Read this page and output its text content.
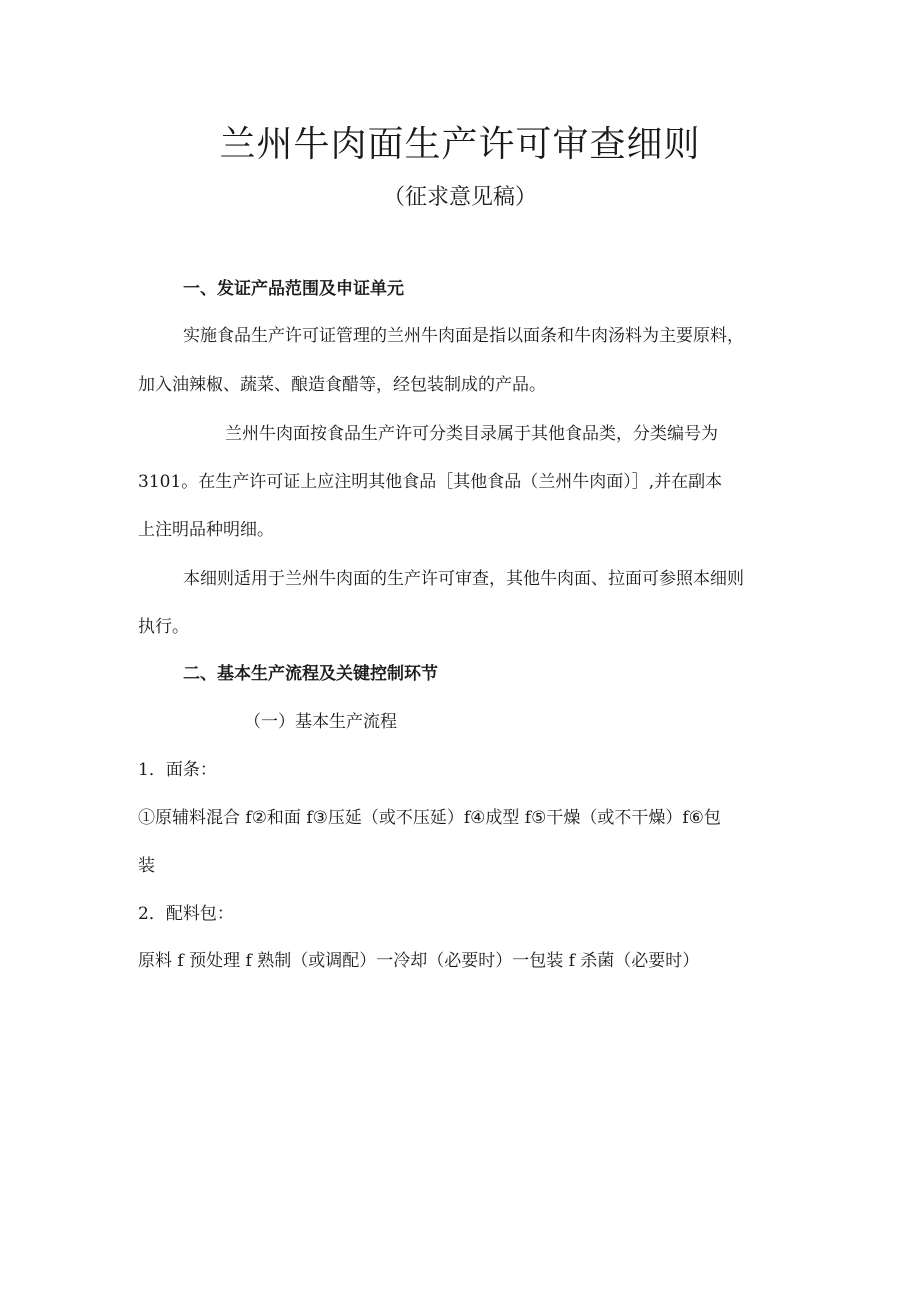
兰州牛肉面生产许可审查细则
（征求意见稿）
一、发证产品范围及申证单元
实施食品生产许可证管理的兰州牛肉面是指以面条和牛肉汤料为主要原料，
加入油辣椒、蔬菜、酿造食醋等，经包装制成的产品。
兰州牛肉面按食品生产许可分类目录属于其他食品类，分类编号为
3101。在生产许可证上应注明其他食品［其他食品（兰州牛肉面）］,并在副本
上注明品种明细。
本细则适用于兰州牛肉面的生产许可审查，其他牛肉面、拉面可参照本细则
执行。
二、基本生产流程及关键控制环节
（一）基本生产流程
1．面条：
①原辅料混合 f②和面 f③压延（或不压延）f④成型 f⑤干燥（或不干燥）f⑥包
装
2．配料包：
原料 f 预处理 f 熟制（或调配）一冷却（必要时）一包装 f 杀菌（必要时）
